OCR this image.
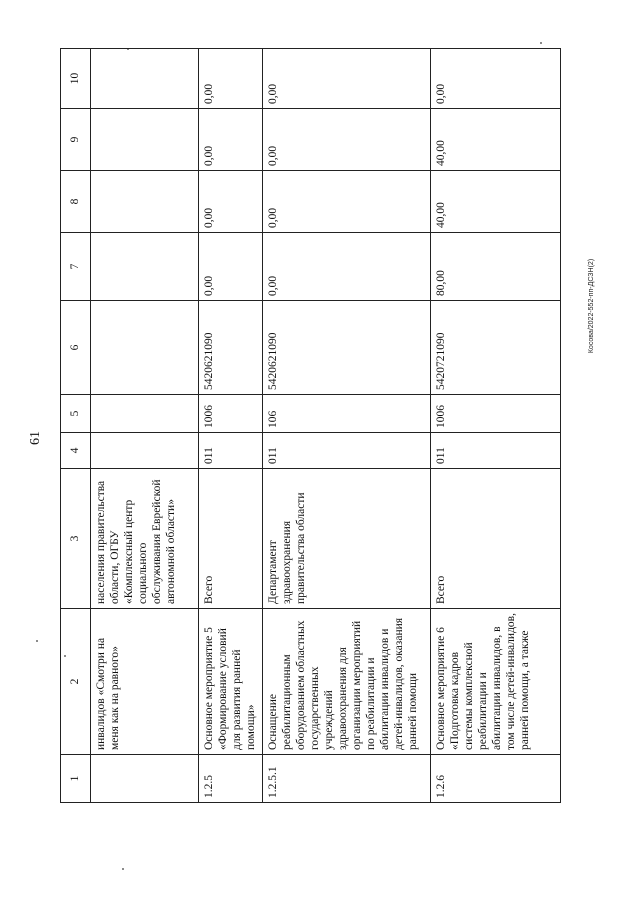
61
Косова/2022-552-пп-ДСЗН(2)
1	2	3	4	5	6	7	8	9	10
	инвалидов «Смотри на меня как на равного»	населения правительства области, ОГБУ «Комплексный центр социального обслуживания Еврейской автономной области»							
1.2.5	Основное мероприятие 5 «Формирование условий для развития ранней помощи»	Всего	011	1006	5420621090	0,00	0,00	0,00	0,00
1.2.5.1	Оснащение реабилитационным оборудованием областных государственных учреждений здравоохранения для организации мероприятий по реабилитации и абилитации инвалидов и детей-инвалидов, оказания ранней помощи	Департамент здравоохранения правительства области	011	106	5420621090	0,00	0,00	0,00	0,00
1.2.6	Основное мероприятие 6 «Подготовка кадров системы комплексной реабилитации и абилитации инвалидов, в том числе детей-инвалидов, ранней помощи, а также	Всего	011	1006	5420721090	80,00	40,00	40,00	0,00
